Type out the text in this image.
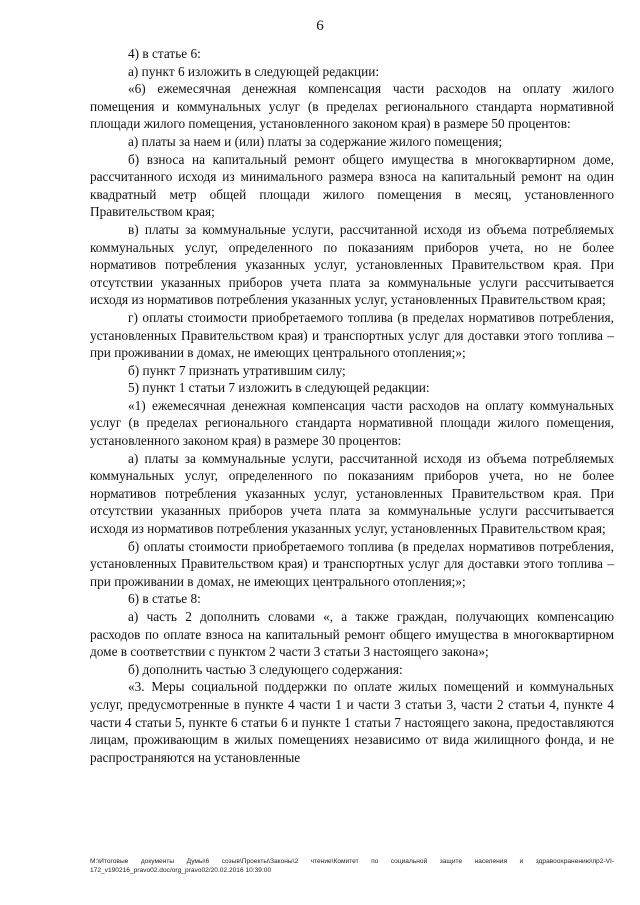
6

4) в статье 6:

а) пункт 6 изложить в следующей редакции:

«6) ежемесячная денежная компенсация части расходов на оплату жилого помещения и коммунальных услуг (в пределах регионального стандарта нормативной площади жилого помещения, установленного законом края) в размере 50 процентов:

а) платы за наем и (или) платы за содержание жилого помещения;

б) взноса на капитальный ремонт общего имущества в многоквартирном доме, рассчитанного исходя из минимального размера взноса на капитальный ремонт на один квадратный метр общей площади жилого помещения в месяц, установленного Правительством края;

в) платы за коммунальные услуги, рассчитанной исходя из объема потребляемых коммунальных услуг, определенного по показаниям приборов учета, но не более нормативов потребления указанных услуг, установленных Правительством края. При отсутствии указанных приборов учета плата за коммунальные услуги рассчитывается исходя из нормативов потребления указанных услуг, установленных Правительством края;

г) оплаты стоимости приобретаемого топлива (в пределах нормативов потребления, установленных Правительством края) и транспортных услуг для доставки этого топлива – при проживании в домах, не имеющих центрального отопления;»;

б) пункт 7 признать утратившим силу;

5) пункт 1 статьи 7 изложить в следующей редакции:

«1) ежемесячная денежная компенсация части расходов на оплату коммунальных услуг (в пределах регионального стандарта нормативной площади жилого помещения, установленного законом края) в размере 30 процентов:

а) платы за коммунальные услуги, рассчитанной исходя из объема потребляемых коммунальных услуг, определенного по показаниям приборов учета, но не более нормативов потребления указанных услуг, установленных Правительством края. При отсутствии указанных приборов учета плата за коммунальные услуги рассчитывается исходя из нормативов потребления указанных услуг, установленных Правительством края;

б) оплаты стоимости приобретаемого топлива (в пределах нормативов потребления, установленных Правительством края) и транспортных услуг для доставки этого топлива – при проживании в домах, не имеющих центрального отопления;»;

6) в статье 8:

а) часть 2 дополнить словами «, а также граждан, получающих компенсацию расходов по оплате взноса на капитальный ремонт общего имущества в многоквартирном доме в соответствии с пунктом 2 части 3 статьи 3 настоящего закона»;

б) дополнить частью 3 следующего содержания:

«3. Меры социальной поддержки по оплате жилых помещений и коммунальных услуг, предусмотренные в пункте 4 части 1 и части 3 статьи 3, части 2 статьи 4, пункте 4 части 4 статьи 5, пункте 6 статьи 6 и пункте 1 статьи 7 настоящего закона, предоставляются лицам, проживающим в жилых помещениях независимо от вида жилищного фонда, и не распространяются на установленные

M:\Итоговые документы Думы\6 созыв\Проекты\Законы\2 чтение\Комитет по социальной защите населения и здравоохранению\пр2-VI-172_v190216_pravo02.doc/org_pravo02/20.02.2016 10:39:00
